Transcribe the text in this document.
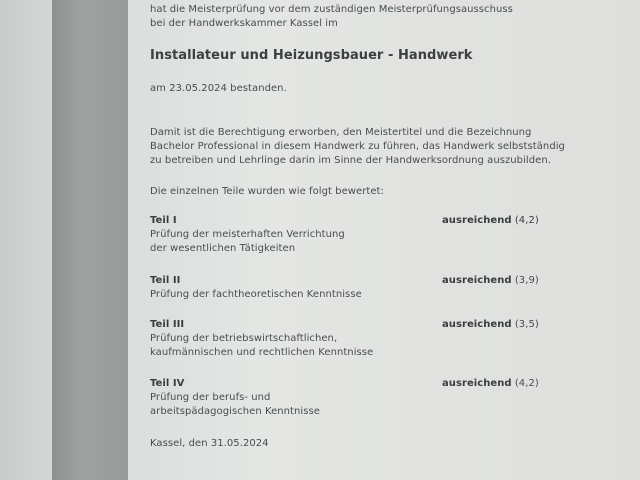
hat die Meisterprüfung vor dem zuständigen Meisterprüfungsausschuss
bei der Handwerkskammer Kassel im
Installateur und Heizungsbauer - Handwerk
am 23.05.2024 bestanden.
Damit ist die Berechtigung erworben, den Meistertitel und die Bezeichnung
Bachelor Professional in diesem Handwerk zu führen, das Handwerk selbstständig
zu betreiben und Lehrlinge darin im Sinne der Handwerksordnung auszubilden.
Die einzelnen Teile wurden wie folgt bewertet:
Teil I
Prüfung der meisterhaften Verrichtung
der wesentlichen Tätigkeiten
ausreichend (4,2)
Teil II
Prüfung der fachtheoretischen Kenntnisse
ausreichend (3,9)
Teil III
Prüfung der betriebswirtschaftlichen,
kaufmännischen und rechtlichen Kenntnisse
ausreichend (3,5)
Teil IV
Prüfung der berufs- und
arbeitspädagogischen Kenntnisse
ausreichend (4,2)
Kassel, den 31.05.2024
